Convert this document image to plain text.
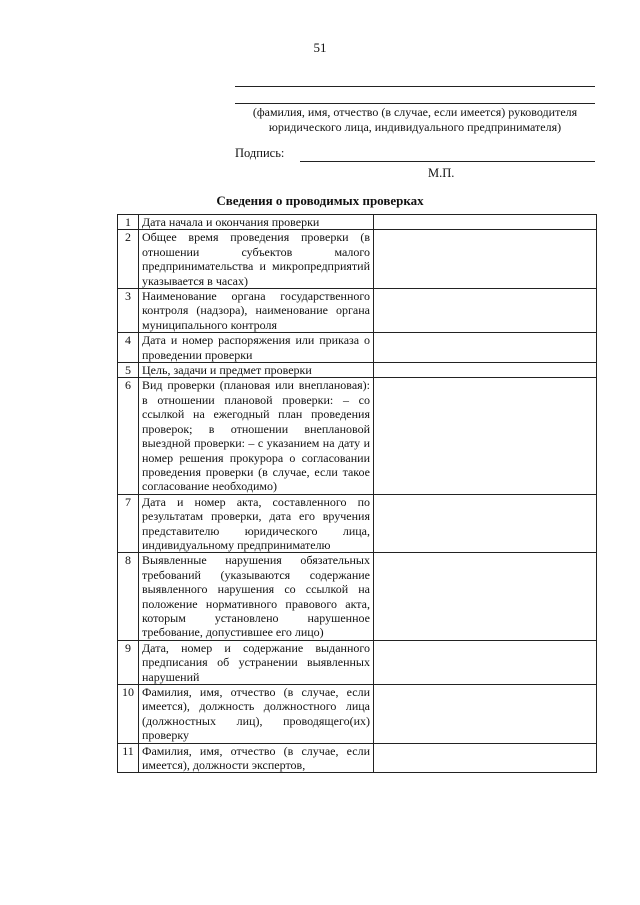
51
(фамилия, имя, отчество (в случае, если имеется) руководителя юридического лица, индивидуального предпринимателя)
Подпись:
М.П.
Сведения о проводимых проверках
1	Дата начала и окончания проверки	
2	Общее время проведения проверки (в отношении субъектов малого предпринимательства и микропредприятий указывается в часах)	
3	Наименование органа государственного контроля (надзора), наименование органа муниципального контроля	
4	Дата и номер распоряжения или приказа о проведении проверки	
5	Цель, задачи и предмет проверки	
6	Вид проверки (плановая или внеплановая): в отношении плановой проверки: – со ссылкой на ежегодный план проведения проверок; в отношении внеплановой выездной проверки: – с указанием на дату и номер решения прокурора о согласовании проведения проверки (в случае, если такое согласование необходимо)	
7	Дата и номер акта, составленного по результатам проверки, дата его вручения представителю юридического лица, индивидуальному предпринимателю	
8	Выявленные нарушения обязательных требований (указываются содержание выявленного нарушения со ссылкой на положение нормативного правового акта, которым установлено нарушенное требование, допустившее его лицо)	
9	Дата, номер и содержание выданного предписания об устранении выявленных нарушений	
10	Фамилия, имя, отчество (в случае, если имеется), должность должностного лица (должностных лиц), проводящего(их) проверку	
11	Фамилия, имя, отчество (в случае, если имеется), должности экспертов,	
